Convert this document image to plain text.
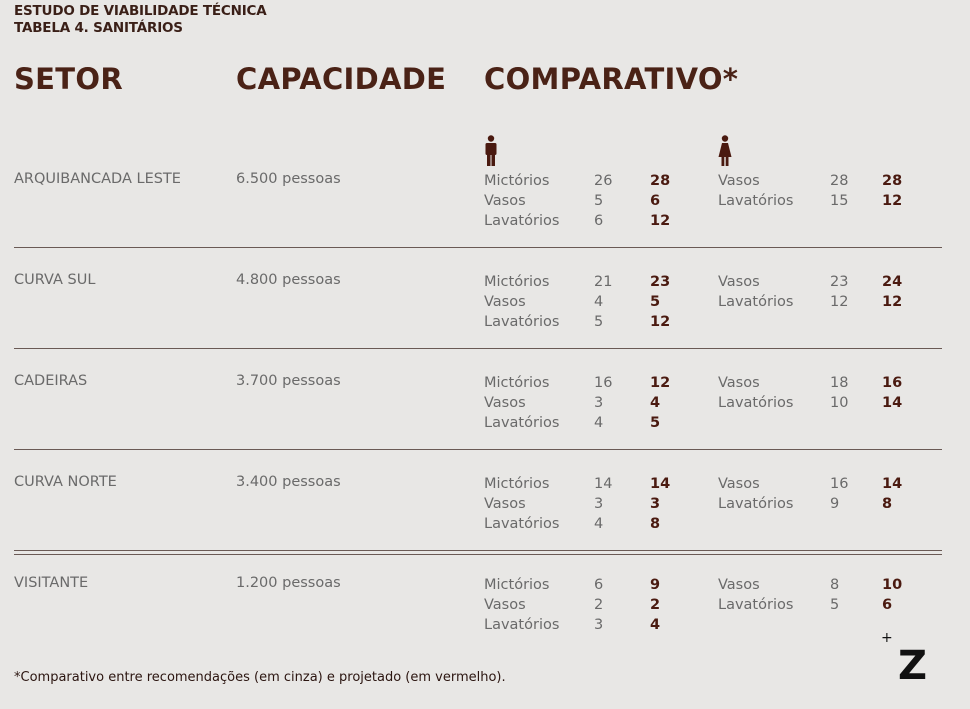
ESTUDO DE VIABILIDADE TÉCNICA
TABELA 4. SANITÁRIOS
SETOR	CAPACIDADE COMPARATIVO*
ARQUIBANCADA LESTE	6.500 pessoas	Mictórios	26	28
Vasos	5	6
Lavatórios 6	12
Vasos	28 28
Lavatórios	15 12
CURVA SUL	4.800 pessoas	Mictórios	21	23
Vasos	4	5
Lavatórios 5	12
Vasos	23 24
Lavatórios	12 12
CADEIRAS	3.700 pessoas	Mictórios	16	12
Vasos	3	4
Lavatórios 4	5
Vasos	18 16
Lavatórios	10 14
CURVA NORTE	3.400 pessoas	Mictórios	14	14
Vasos	3	3
Lavatórios 4	8
Vasos	16 14
Lavatórios	9	8
VISITANTE	1.200 pessoas	Mictórios	6	9
Vasos	2	2
Lavatórios 3	4
Vasos	8	10
Lavatórios	5	6
*Comparativo entre recomendações (em cinza) e projetado (em vermelho).
+
Z
